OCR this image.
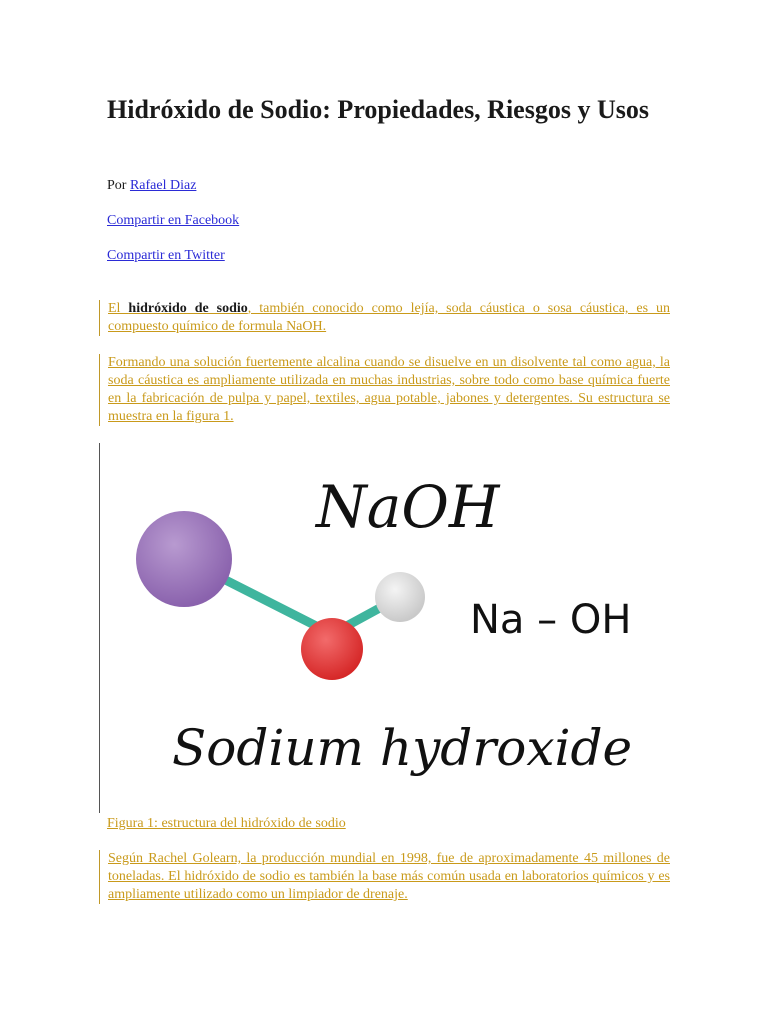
Hidróxido de Sodio: Propiedades, Riesgos y Usos
Por Rafael Diaz
Compartir en Facebook
Compartir en Twitter

El hidróxido de sodio, también conocido como lejía, soda cáustica o sosa cáustica, es un compuesto químico de formula NaOH.

Formando una solución fuertemente alcalina cuando se disuelve en un disolvente tal como agua, la soda cáustica es ampliamente utilizada en muchas industrias, sobre todo como base química fuerte en la fabricación de pulpa y papel, textiles, agua potable, jabones y detergentes. Su estructura se muestra en la figura 1.

NaOH
Na – OH
Sodium hydroxide
Figura 1: estructura del hidróxido de sodio

Según Rachel Golearn, la producción mundial en 1998, fue de aproximadamente 45 millones de toneladas. El hidróxido de sodio es también la base más común usada en laboratorios químicos y es ampliamente utilizado como un limpiador de drenaje.
